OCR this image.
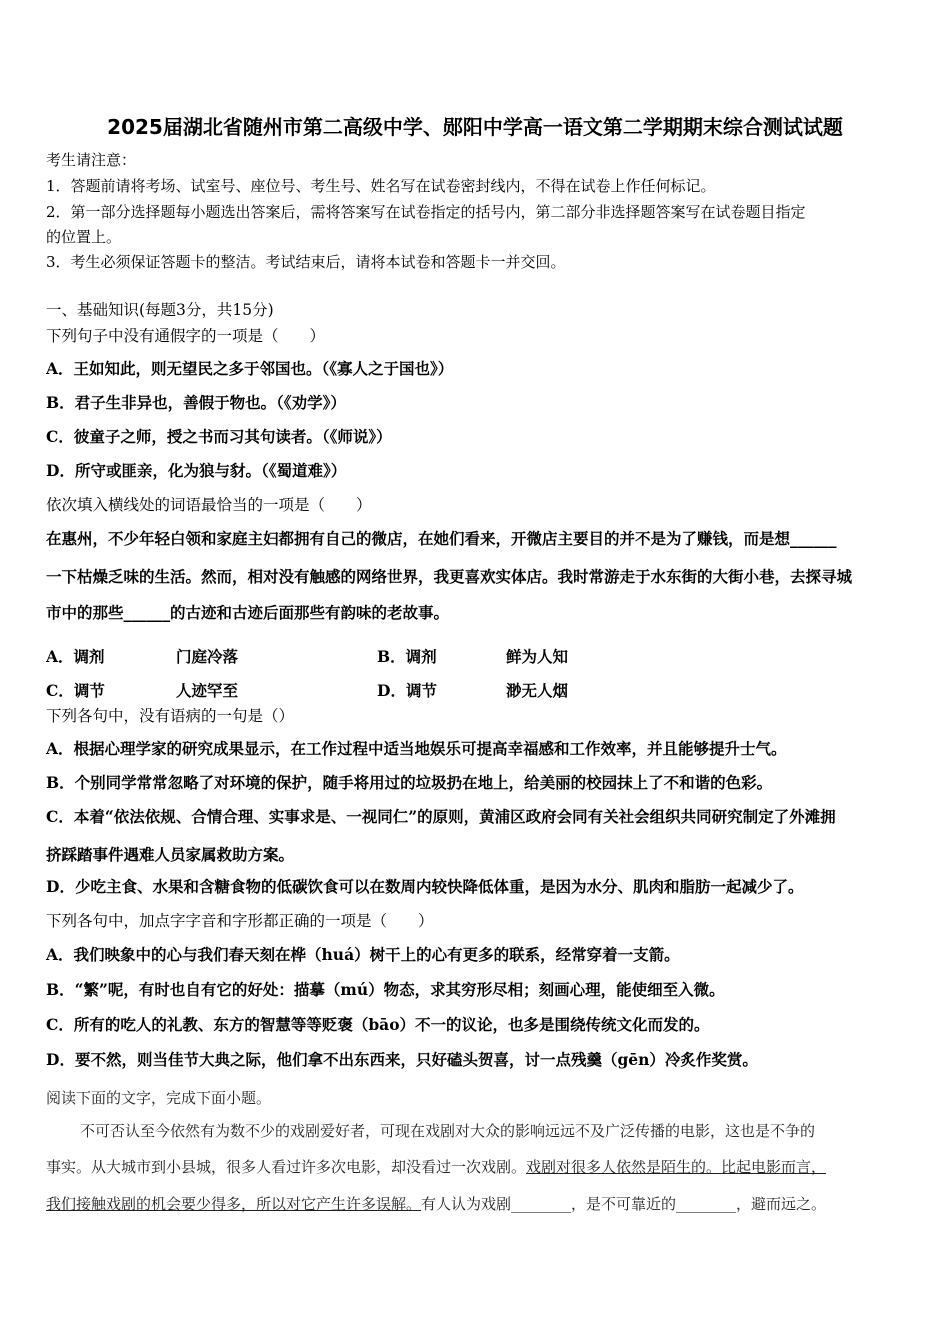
2025届湖北省随州市第二高级中学、郧阳中学高一语文第二学期期末综合测试试题
考生请注意：
1．答题前请将考场、试室号、座位号、考生号、姓名写在试卷密封线内，不得在试卷上作任何标记。
2．第一部分选择题每小题选出答案后，需将答案写在试卷指定的括号内，第二部分非选择题答案写在试卷题目指定
的位置上。
3．考生必须保证答题卡的整洁。考试结束后，请将本试卷和答题卡一并交回。
一、基础知识(每题3分，共15分)
下列句子中没有通假字的一项是（　　）
A．王如知此，则无望民之多于邻国也。（《寡人之于国也》）
B．君子生非异也，善假于物也。（《劝学》）
C．彼童子之师，授之书而习其句读者。（《师说》）
D．所守或匪亲，化为狼与豺。（《蜀道难》）
依次填入横线处的词语最恰当的一项是（　　）
在惠州，不少年轻白领和家庭主妇都拥有自己的微店，在她们看来，开微店主要目的并不是为了赚钱，而是想______
一下枯燥乏味的生活。然而，相对没有触感的网络世界，我更喜欢实体店。我时常游走于水东街的大街小巷，去探寻城
市中的那些______的古迹和古迹后面那些有韵味的老故事。
A．调剂	门庭冷落	B．调剂	鲜为人知
C．调节	人迹罕至	D．调节	渺无人烟
下列各句中，没有语病的一句是（）
A．根据心理学家的研究成果显示，在工作过程中适当地娱乐可提高幸福感和工作效率，并且能够提升士气。
B．个别同学常常忽略了对环境的保护，随手将用过的垃圾扔在地上，给美丽的校园抹上了不和谐的色彩。
C．本着“依法依规、合情合理、实事求是、一视同仁”的原则，黄浦区政府会同有关社会组织共同研究制定了外滩拥
挤踩踏事件遇难人员家属救助方案。
D．少吃主食、水果和含糖食物的低碳饮食可以在数周内较快降低体重，是因为水分、肌肉和脂肪一起减少了。
下列各句中，加点字字音和字形都正确的一项是（　　）
A．我们映象中的心与我们春天刻在桦（huá）树干上的心有更多的联系，经常穿着一支箭。
B．“繁”呢，有时也自有它的好处：描摹（mú）物态，求其穷形尽相；刻画心理，能使细至入微。
C．所有的吃人的礼教、东方的智慧等等贬褒（bāo）不一的议论，也多是围绕传统文化而发的。
D．要不然，则当佳节大典之际，他们拿不出东西来，只好磕头贺喜，讨一点残羹（gēn）冷炙作奖赏。
阅读下面的文字，完成下面小题。
不可否认至今依然有为数不少的戏剧爱好者，可现在戏剧对大众的影响远远不及广泛传播的电影，这也是不争的
事实。从大城市到小县城，很多人看过许多次电影，却没看过一次戏剧。戏剧对很多人依然是陌生的。比起电影而言，
我们接触戏剧的机会要少得多，所以对它产生许多误解。有人认为戏剧________，是不可靠近的________，避而远之。
